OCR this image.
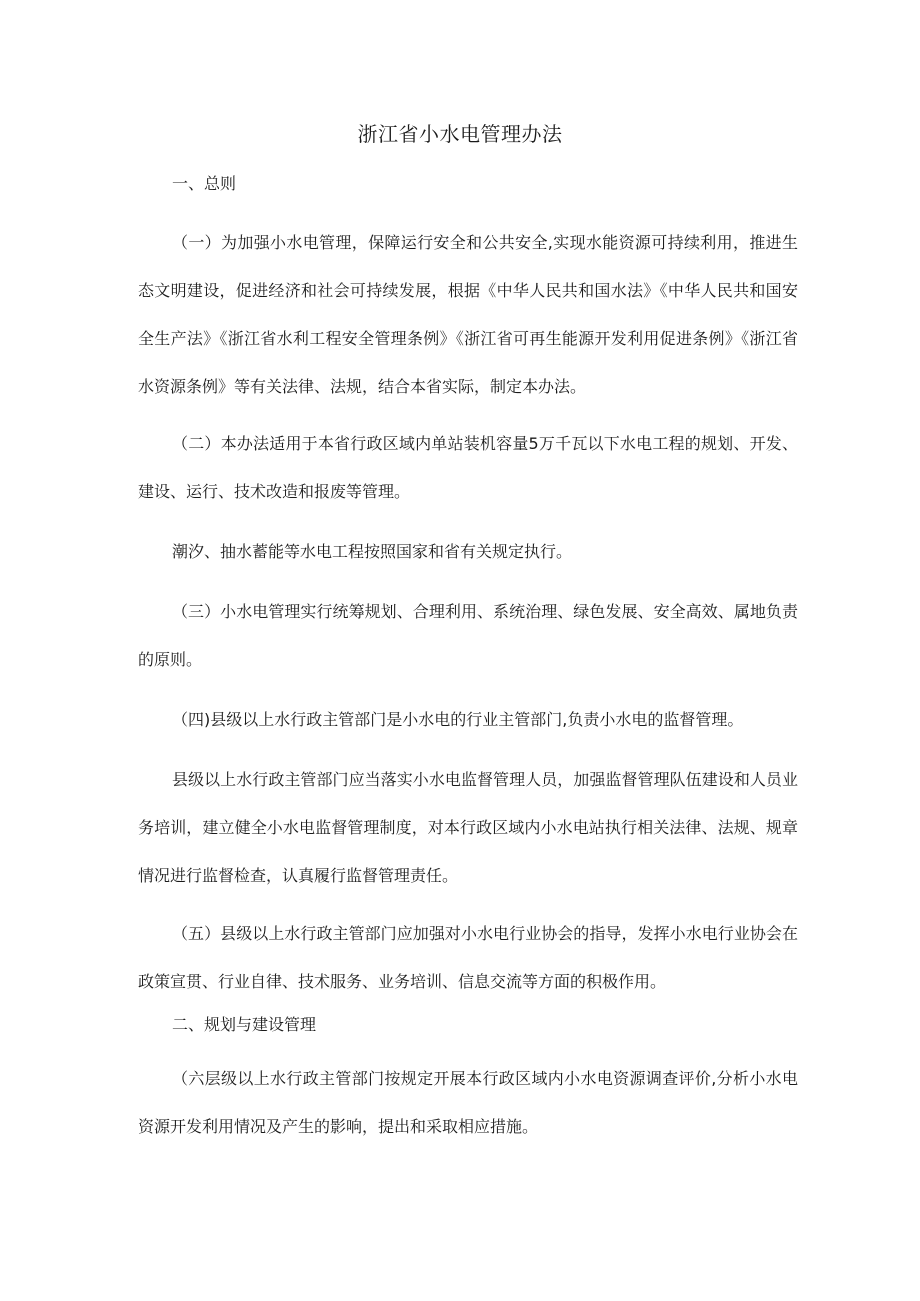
浙江省小水电管理办法
一、总则

（一）为加强小水电管理，保障运行安全和公共安全,实现水能资源可持续利用，推进生态文明建设，促进经济和社会可持续发展，根据《中华人民共和国水法》《中华人民共和国安全生产法》《浙江省水利工程安全管理条例》《浙江省可再生能源开发利用促进条例》《浙江省水资源条例》等有关法律、法规，结合本省实际，制定本办法。

（二）本办法适用于本省行政区域内单站装机容量5万千瓦以下水电工程的规划、开发、建设、运行、技术改造和报废等管理。

潮汐、抽水蓄能等水电工程按照国家和省有关规定执行。

（三）小水电管理实行统筹规划、合理利用、系统治理、绿色发展、安全高效、属地负责的原则。

（四)县级以上水行政主管部门是小水电的行业主管部门,负责小水电的监督管理。

县级以上水行政主管部门应当落实小水电监督管理人员，加强监督管理队伍建设和人员业务培训，建立健全小水电监督管理制度，对本行政区域内小水电站执行相关法律、法规、规章情况进行监督检查，认真履行监督管理责任。

（五）县级以上水行政主管部门应加强对小水电行业协会的指导，发挥小水电行业协会在政策宣贯、行业自律、技术服务、业务培训、信息交流等方面的积极作用。

二、规划与建设管理

（六层级以上水行政主管部门按规定开展本行政区域内小水电资源调查评价,分析小水电资源开发利用情况及产生的影响，提出和采取相应措施。
